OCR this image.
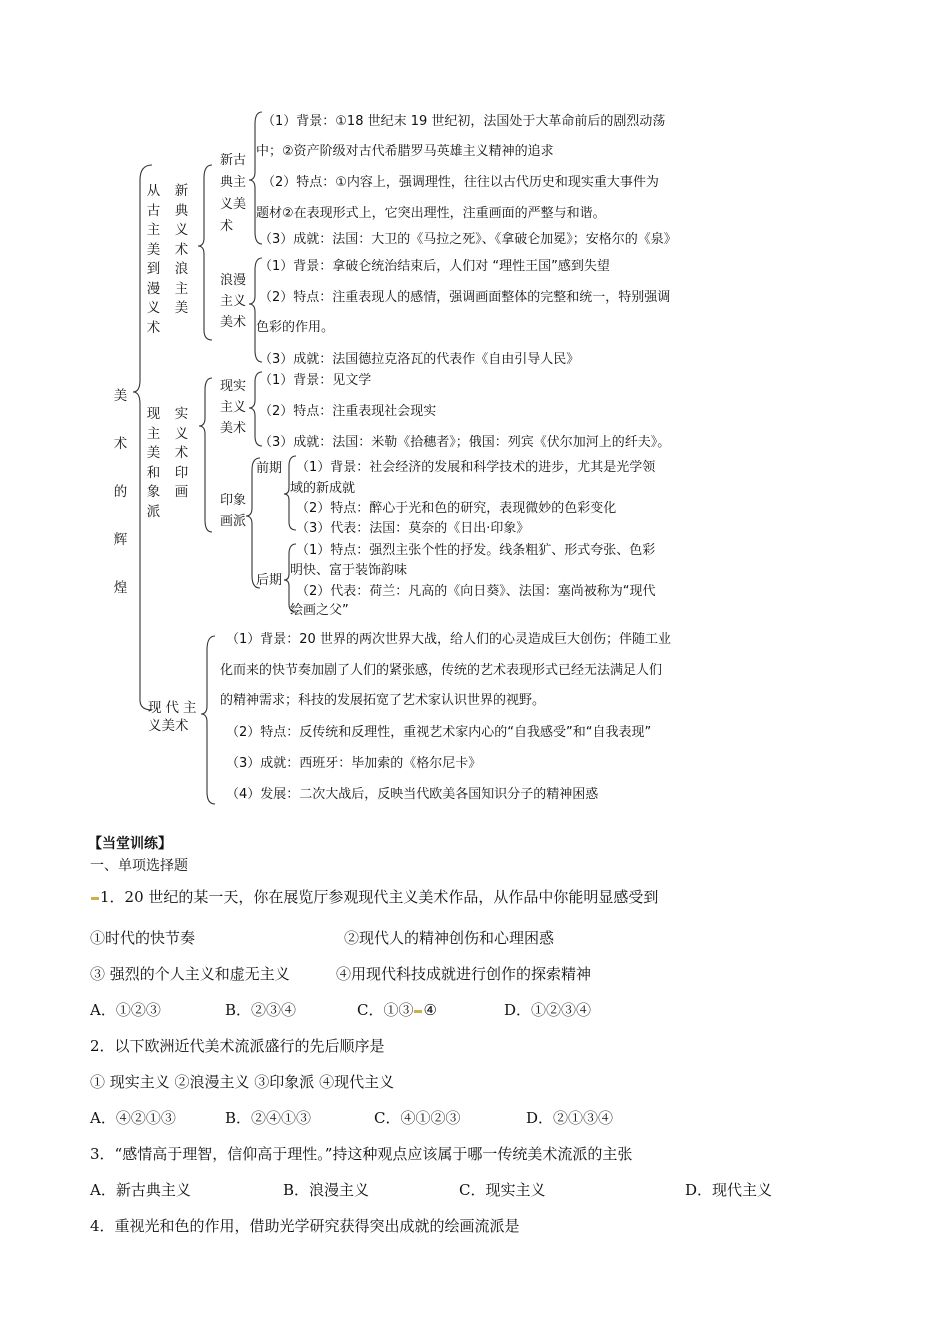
美术的辉煌
从古主美到漫义术
现主美和象派
实义术印画
现代主
义美术
新古
典主
义美
术
（1）背景：①18 世纪末 19 世纪初，法国处于大革命前后的剧烈动荡
中；②资产阶级对古代希腊罗马英雄主义精神的追求
（2）特点：①内容上，强调理性，往往以古代历史和现实重大事件为
题材②在表现形式上，它突出理性，注重画面的严整与和谐。
（3）成就：法国：大卫的《马拉之死》、《拿破仑加冕》；安格尔的《泉》
浪漫
主义
美术
（1）背景：拿破仑统治结束后，人们对 “理性王国”感到失望
（2）特点：注重表现人的感情，强调画面整体的完整和统一，特别强调
色彩的作用。
（3）成就：法国德拉克洛瓦的代表作《自由引导人民》
现实
主义
美术
（1）背景：见文学
（2）特点：注重表现社会现实
（3）成就：法国：米勒《拾穗者》；俄国：列宾《伏尔加河上的纤夫》。
印象
画派
前期
后期
（1）背景：社会经济的发展和科学技术的进步，尤其是光学领
域的新成就
（2）特点：醉心于光和色的研究，表现微妙的色彩变化
（3）代表：法国：莫奈的《日出·印象》
（1）特点：强烈主张个性的抒发。线条粗犷、形式夸张、色彩
明快、富于装饰韵味
（2）代表：荷兰：凡高的《向日葵》、法国：塞尚被称为“现代
绘画之父”
（1）背景：20 世界的两次世界大战，给人们的心灵造成巨大创伤；伴随工业
化而来的快节奏加剧了人们的紧张感，传统的艺术表现形式已经无法满足人们
的精神需求；科技的发展拓宽了艺术家认识世界的视野。
（2）特点：反传统和反理性，重视艺术家内心的“自我感受”和“自我表现”
（3）成就：西班牙：毕加索的《格尔尼卡》
（4）发展：二次大战后，反映当代欧美各国知识分子的精神困惑
【当堂训练】
一、单项选择题
1．20 世纪的某一天，你在展览厅参观现代主义美术作品，从作品中你能明显感受到
①时代的快节奏	②现代人的精神创伤和心理困惑
③ 强烈的个人主义和虚无主义	④用现代科技成就进行创作的探索精神
A．①②③	B．②③④	C．①③ ④	D．①②③④
2．以下欧洲近代美术流派盛行的先后顺序是
① 现实主义 ②浪漫主义 ③印象派 ④现代主义
A．④②①③	B．②④①③	C．④①②③	D．②①③④
3．“感情高于理智，信仰高于理性。”持这种观点应该属于哪一传统美术流派的主张
A．新古典主义	B．浪漫主义	C．现实主义	D．现代主义
4．重视光和色的作用，借助光学研究获得突出成就的绘画流派是
新典义术浪主美
